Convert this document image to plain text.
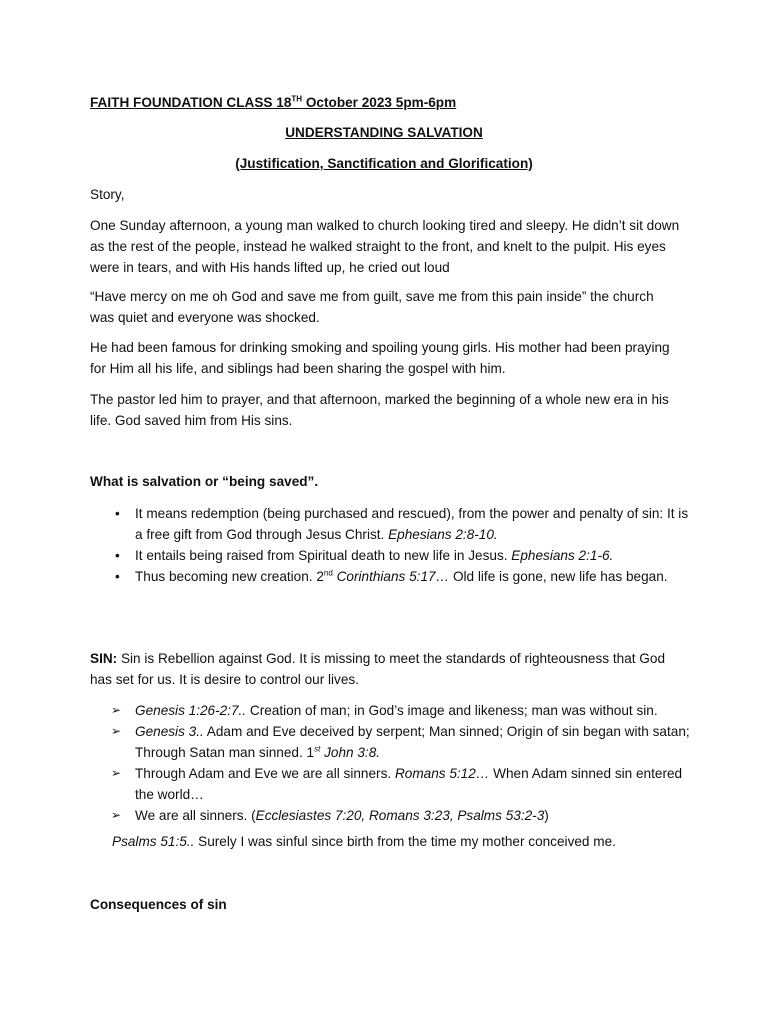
FAITH FOUNDATION CLASS 18TH October 2023 5pm-6pm
UNDERSTANDING SALVATION
(Justification, Sanctification and Glorification)
Story,

One Sunday afternoon, a young man walked to church looking tired and sleepy. He didn’t sit down as the rest of the people, instead he walked straight to the front, and knelt to the pulpit. His eyes were in tears, and with His hands lifted up, he cried out loud

“Have mercy on me oh God and save me from guilt, save me from this pain inside” the church was quiet and everyone was shocked.

He had been famous for drinking smoking and spoiling young girls. His mother had been praying for Him all his life, and siblings had been sharing the gospel with him.

The pastor led him to prayer, and that afternoon, marked the beginning of a whole new era in his life. God saved him from His sins.

What is salvation or “being saved”.
• It means redemption (being purchased and rescued), from the power and penalty of sin: It is a free gift from God through Jesus Christ. Ephesians 2:8-10.
• It entails being raised from Spiritual death to new life in Jesus. Ephesians 2:1-6.
• Thus becoming new creation. 2nd Corinthians 5:17… Old life is gone, new life has began.

SIN: Sin is Rebellion against God. It is missing to meet the standards of righteousness that God has set for us. It is desire to control our lives.

➢ Genesis 1:26-2:7.. Creation of man; in God’s image and likeness; man was without sin.
➢ Genesis 3.. Adam and Eve deceived by serpent; Man sinned; Origin of sin began with satan; Through Satan man sinned. 1st John 3:8.
➢ Through Adam and Eve we are all sinners. Romans 5:12… When Adam sinned sin entered the world…
➢ We are all sinners. (Ecclesiastes 7:20, Romans 3:23, Psalms 53:2-3)
Psalms 51:5.. Surely I was sinful since birth from the time my mother conceived me.
Consequences of sin
